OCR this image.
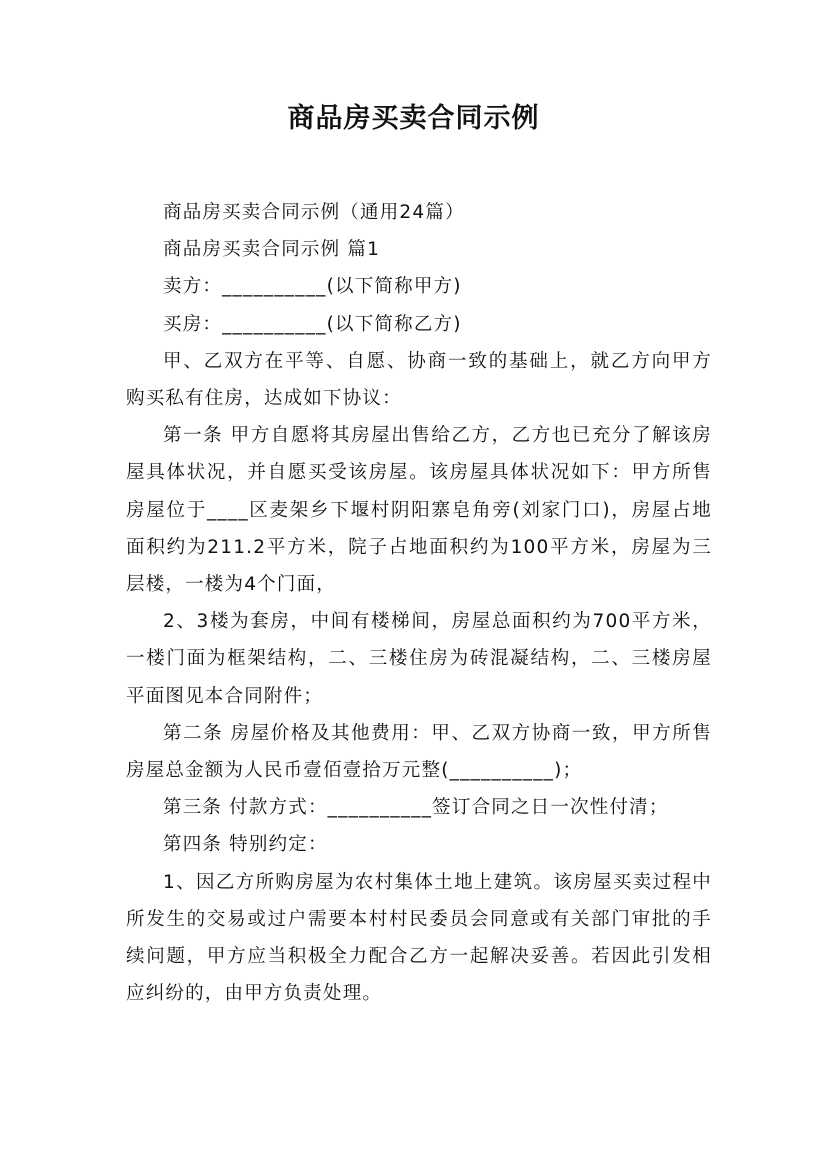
商品房买卖合同示例

商品房买卖合同示例（通用24篇）

商品房买卖合同示例 篇1

卖方：__________(以下简称甲方)

买房：__________(以下简称乙方)

甲、乙双方在平等、自愿、协商一致的基础上，就乙方向甲方购买私有住房，达成如下协议：

第一条 甲方自愿将其房屋出售给乙方，乙方也已充分了解该房屋具体状况，并自愿买受该房屋。该房屋具体状况如下：甲方所售房屋位于____区麦架乡下堰村阴阳寨皂角旁(刘家门口)，房屋占地面积约为211.2平方米，院子占地面积约为100平方米，房屋为三层楼，一楼为4个门面，

2、3楼为套房，中间有楼梯间，房屋总面积约为700平方米，一楼门面为框架结构，二、三楼住房为砖混凝结构，二、三楼房屋平面图见本合同附件；

第二条 房屋价格及其他费用：甲、乙双方协商一致，甲方所售房屋总金额为人民币壹佰壹拾万元整(__________)；

第三条 付款方式：__________签订合同之日一次性付清；

第四条 特别约定：

1、因乙方所购房屋为农村集体土地上建筑。该房屋买卖过程中所发生的交易或过户需要本村村民委员会同意或有关部门审批的手续问题，甲方应当积极全力配合乙方一起解决妥善。若因此引发相应纠纷的，由甲方负责处理。
